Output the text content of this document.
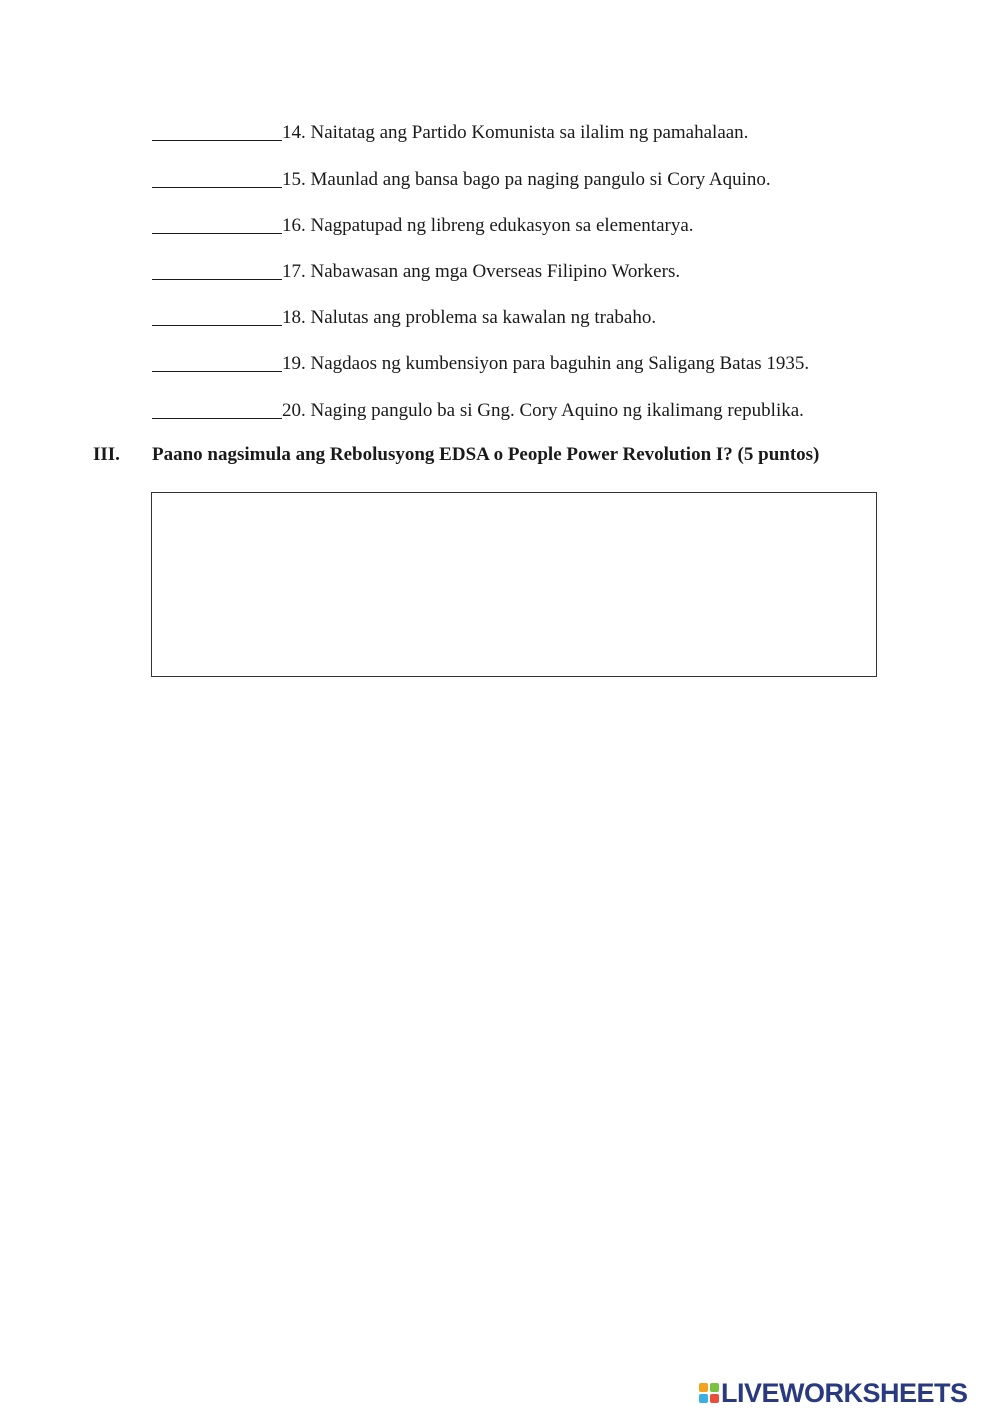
14. Naitatag ang Partido Komunista sa ilalim ng pamahalaan.
15. Maunlad ang bansa bago pa naging pangulo si Cory Aquino.
16. Nagpatupad ng libreng edukasyon sa elementarya.
17. Nabawasan ang mga Overseas Filipino Workers.
18. Nalutas ang problema sa kawalan ng trabaho.
19. Nagdaos ng kumbensiyon para baguhin ang Saligang Batas 1935.
20. Naging pangulo ba si Gng. Cory Aquino ng ikalimang republika.
III. Paano nagsimula ang Rebolusyong EDSA o People Power Revolution I? (5 puntos)
LIVEWORKSHEETS
